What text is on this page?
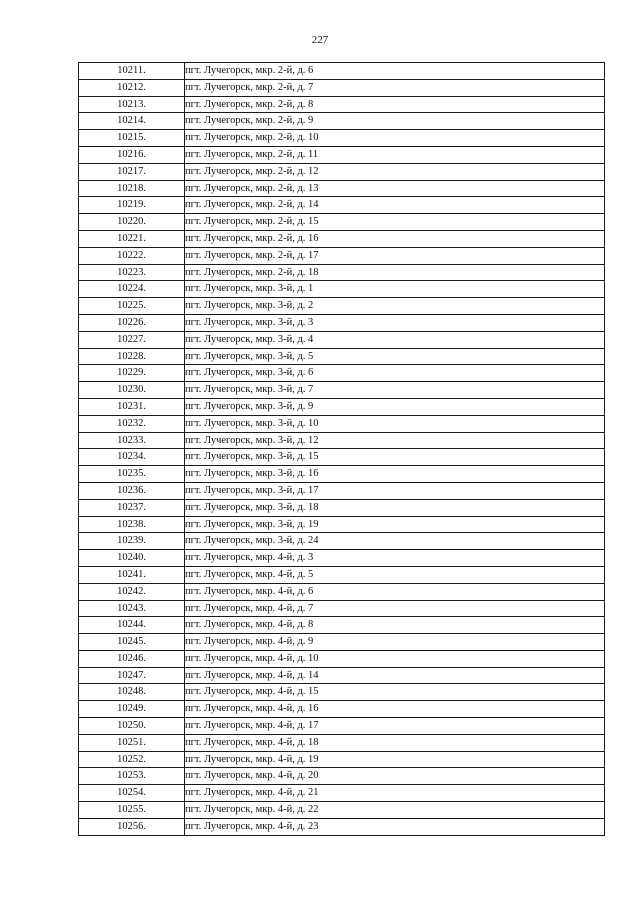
227
10211.	пгт. Лучегорск, мкр. 2-й, д. 6
10212.	пгт. Лучегорск, мкр. 2-й, д. 7
10213.	пгт. Лучегорск, мкр. 2-й, д. 8
10214.	пгт. Лучегорск, мкр. 2-й, д. 9
10215.	пгт. Лучегорск, мкр. 2-й, д. 10
10216.	пгт. Лучегорск, мкр. 2-й, д. 11
10217.	пгт. Лучегорск, мкр. 2-й, д. 12
10218.	пгт. Лучегорск, мкр. 2-й, д. 13
10219.	пгт. Лучегорск, мкр. 2-й, д. 14
10220.	пгт. Лучегорск, мкр. 2-й, д. 15
10221.	пгт. Лучегорск, мкр. 2-й, д. 16
10222.	пгт. Лучегорск, мкр. 2-й, д. 17
10223.	пгт. Лучегорск, мкр. 2-й, д. 18
10224.	пгт. Лучегорск, мкр. 3-й, д. 1
10225.	пгт. Лучегорск, мкр. 3-й, д. 2
10226.	пгт. Лучегорск, мкр. 3-й, д. 3
10227.	пгт. Лучегорск, мкр. 3-й, д. 4
10228.	пгт. Лучегорск, мкр. 3-й, д. 5
10229.	пгт. Лучегорск, мкр. 3-й, д. 6
10230.	пгт. Лучегорск, мкр. 3-й, д. 7
10231.	пгт. Лучегорск, мкр. 3-й, д. 9
10232.	пгт. Лучегорск, мкр. 3-й, д. 10
10233.	пгт. Лучегорск, мкр. 3-й, д. 12
10234.	пгт. Лучегорск, мкр. 3-й, д. 15
10235.	пгт. Лучегорск, мкр. 3-й, д. 16
10236.	пгт. Лучегорск, мкр. 3-й, д. 17
10237.	пгт. Лучегорск, мкр. 3-й, д. 18
10238.	пгт. Лучегорск, мкр. 3-й, д. 19
10239.	пгт. Лучегорск, мкр. 3-й, д. 24
10240.	пгт. Лучегорск, мкр. 4-й, д. 3
10241.	пгт. Лучегорск, мкр. 4-й, д. 5
10242.	пгт. Лучегорск, мкр. 4-й, д. 6
10243.	пгт. Лучегорск, мкр. 4-й, д. 7
10244.	пгт. Лучегорск, мкр. 4-й, д. 8
10245.	пгт. Лучегорск, мкр. 4-й, д. 9
10246.	пгт. Лучегорск, мкр. 4-й, д. 10
10247.	пгт. Лучегорск, мкр. 4-й, д. 14
10248.	пгт. Лучегорск, мкр. 4-й, д. 15
10249.	пгт. Лучегорск, мкр. 4-й, д. 16
10250.	пгт. Лучегорск, мкр. 4-й, д. 17
10251.	пгт. Лучегорск, мкр. 4-й, д. 18
10252.	пгт. Лучегорск, мкр. 4-й, д. 19
10253.	пгт. Лучегорск, мкр. 4-й, д. 20
10254.	пгт. Лучегорск, мкр. 4-й, д. 21
10255.	пгт. Лучегорск, мкр. 4-й, д. 22
10256.	пгт. Лучегорск, мкр. 4-й, д. 23
